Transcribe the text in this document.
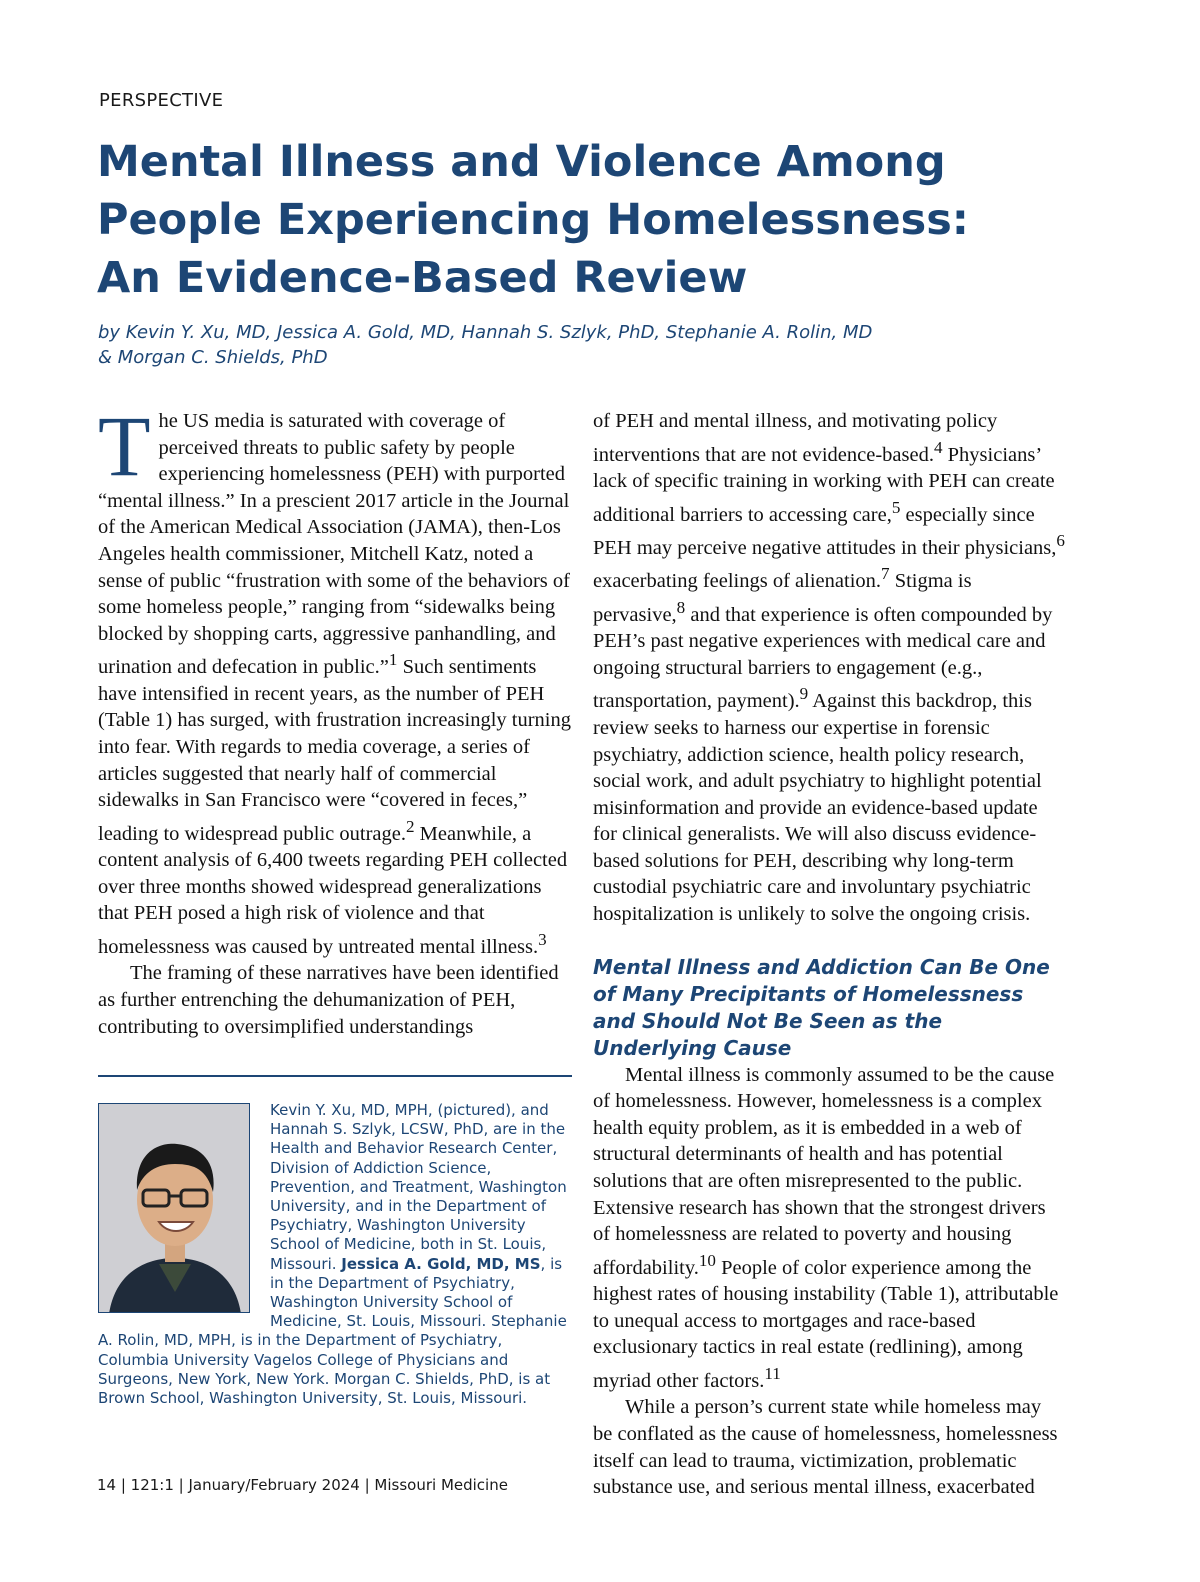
PERSPECTIVE
Mental Illness and Violence Among
People Experiencing Homelessness:
An Evidence-Based Review
by Kevin Y. Xu, MD, Jessica A. Gold, MD, Hannah S. Szlyk, PhD, Stephanie A. Rolin, MD
& Morgan C. Shields, PhD

The US media is saturated with coverage of perceived threats to public safety by people experiencing homelessness (PEH) with purported “mental illness.” In a prescient 2017 article in the Journal of the American Medical Association (JAMA), then-Los Angeles health commissioner, Mitchell Katz, noted a sense of public “frustration with some of the behaviors of some homeless people,” ranging from “sidewalks being blocked by shopping carts, aggressive panhandling, and urination and defecation in public.”$^1$ Such sentiments have intensified in recent years, as the number of PEH (Table 1) has surged, with frustration increasingly turning into fear. With regards to media coverage, a series of articles suggested that nearly half of commercial sidewalks in San Francisco were “covered in feces,” leading to widespread public outrage.$^2$ Meanwhile, a content analysis of 6,400 tweets regarding PEH collected over three months showed widespread generalizations that PEH posed a high risk of violence and that homelessness was caused by untreated mental illness.$^3$

The framing of these narratives have been identified as further entrenching the dehumanization of PEH, contributing to oversimplified understandings

Kevin Y. Xu, MD, MPH, (pictured), and Hannah S. Szlyk, LCSW, PhD, are in the Health and Behavior Research Center, Division of Addiction Science, Prevention, and Treatment, Washington University, and in the Department of Psychiatry, Washington University School of Medicine, both in St. Louis, Missouri. Jessica A. Gold, MD, MS, is in the Department of Psychiatry, Washington University School of Medicine, St. Louis, Missouri. Stephanie A. Rolin, MD, MPH, is in the Department of Psychiatry, Columbia University Vagelos College of Physicians and Surgeons, New York, New York. Morgan C. Shields, PhD, is at Brown School, Washington University, St. Louis, Missouri.

of PEH and mental illness, and motivating policy interventions that are not evidence-based.$^4$ Physicians’ lack of specific training in working with PEH can create additional barriers to accessing care,$^5$ especially since PEH may perceive negative attitudes in their physicians,$^6$ exacerbating feelings of alienation.$^7$ Stigma is pervasive,$^8$ and that experience is often compounded by PEH’s past negative experiences with medical care and ongoing structural barriers to engagement (e.g., transportation, payment).$^9$ Against this backdrop, this review seeks to harness our expertise in forensic psychiatry, addiction science, health policy research, social work, and adult psychiatry to highlight potential misinformation and provide an evidence-based update for clinical generalists. We will also discuss evidence-based solutions for PEH, describing why long-term custodial psychiatric care and involuntary psychiatric hospitalization is unlikely to solve the ongoing crisis.

Mental Illness and Addiction Can Be One of Many Precipitants of Homelessness and Should Not Be Seen as the Underlying Cause

Mental illness is commonly assumed to be the cause of homelessness. However, homelessness is a complex health equity problem, as it is embedded in a web of structural determinants of health and has potential solutions that are often misrepresented to the public. Extensive research has shown that the strongest drivers of homelessness are related to poverty and housing affordability.$^{10}$ People of color experience among the highest rates of housing instability (Table 1), attributable to unequal access to mortgages and race-based exclusionary tactics in real estate (redlining), among myriad other factors.$^{11}$

While a person’s current state while homeless may be conflated as the cause of homelessness, homelessness itself can lead to trauma, victimization, problematic substance use, and serious mental illness, exacerbated

14 | 121:1 | January/February 2024 | Missouri Medicine
